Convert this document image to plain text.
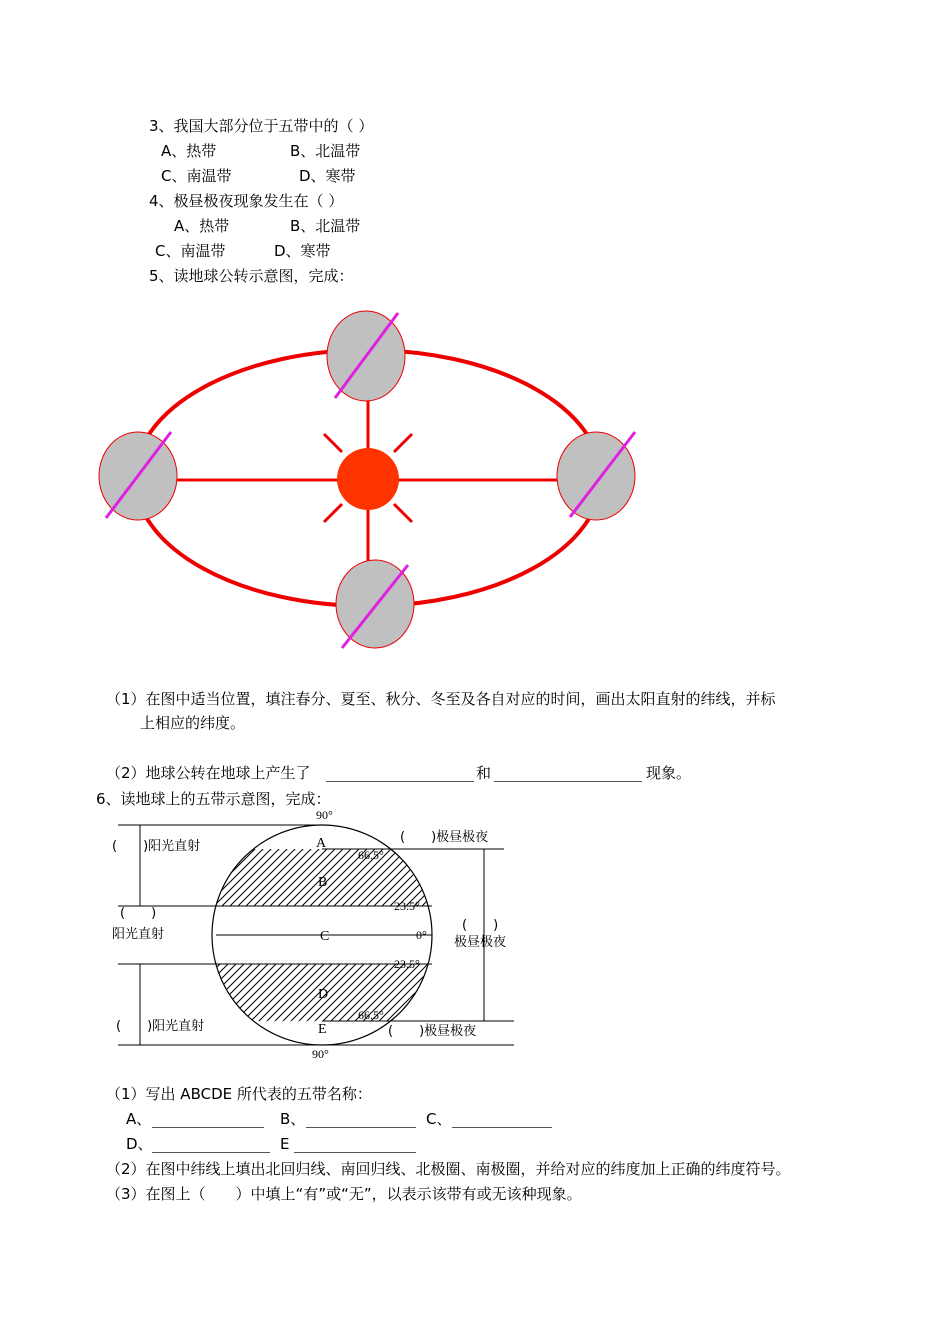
3、我国大部分位于五带中的（ ）
A、热带	B、北温带
C、南温带	D、寒带
4、极昼极夜现象发生在（ ）
A、热带	B、北温带
C、南温带	D、寒带
5、读地球公转示意图，完成：
90°
90°
66.5°
23.5°
0°
23.5°
66.5°
A
B
C
D
E
(　　)阳光直射
(　　)
阳光直射
(　　)阳光直射
(　　)极昼极夜
(　　)
极昼极夜
(　　)极昼极夜
（1）在图中适当位置，填注春分、夏至、秋分、冬至及各自对应的时间，画出太阳直射的纬线，并标
上相应的纬度。
（2）地球公转在地球上产生了	和	现象。
6、读地球上的五带示意图，完成：
（1）写出 ABCDE 所代表的五带名称：
A、	B、	C、
D、	E
（2）在图中纬线上填出北回归线、南回归线、北极圈、南极圈，并给对应的纬度加上正确的纬度符号。
（3）在图上（　　）中填上“有”或“无”，以表示该带有或无该种现象。
